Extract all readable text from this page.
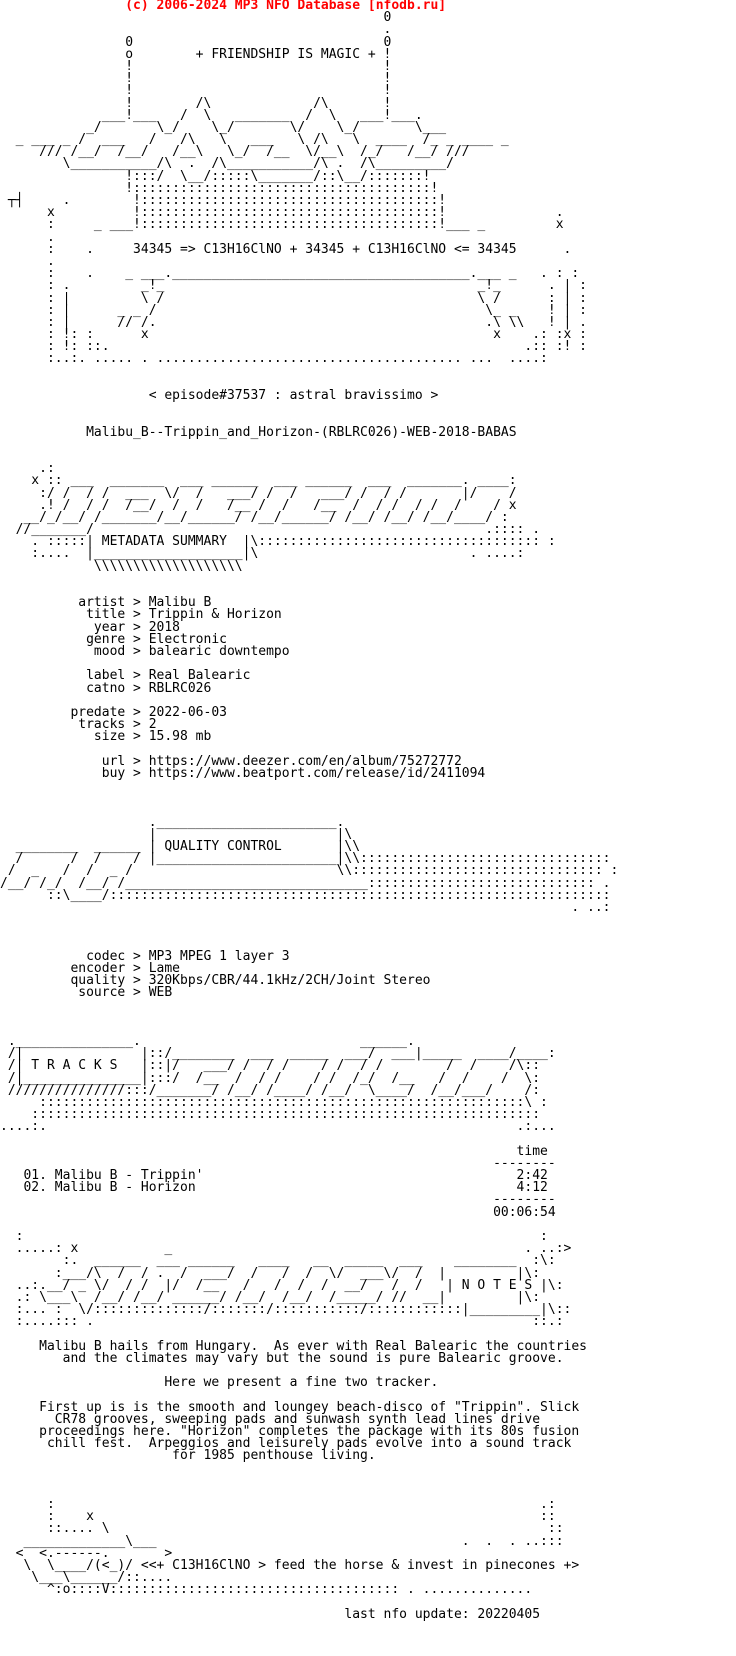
(c) 2006-2024 MP3 NFO Database [nfodb.ru]
0
.
0                                0
o        + FRIENDSHIP IS MAGIC + !
!                                !
!                                !
!                                !
!        /\             /\       !
___!___   /  \   _______  /  \   ___!___.
_/       \_/    \_/       \/    \_/       \___
_ ___ _ /  ___   /   /\   \   ___   \ /\   \  ____  /_ _ ____ _
/// /__/  /__/   /__\   \_/  /__  \/__\  /_/   /__/ ///
\___________/\  .  /\___________/\ .  /\_________/
!:::/  \__/:::::\_______/::\__/:::::::!
!::::::::::::::::::::::::::::::::::::::!
┬┤     .        !::::::::::::::::::::::::::::::::::::::!
x          !::::::::::::::::::::::::::::::::::::::!              .
:     _ ___!::::::::::::::::::::::::::::::::::::::!___ _         x
.
:    .     34345 => C13H16ClNO + 34345 + C13H16ClNO <= 34345      .
.
:    .    _ ___.______________________________________.___ _   . : :
: .         _!_                                        _!_      . | :
: |         \ /                                        \ /      : | :
: |      _ _ /                                          \_ _    ! | :
: |      // /.                                          .\ \\   ! | .
: !: :      x                                            x    .: :x :
: !: ::.                                                     .:: :! :
:..:. ..... . ....................................... ...  ....:
< episode#37537 : astral bravissimo >
Malibu_B--Trippin_and_Horizon-(RBLRC026)-WEB-2018-BABAS
.:
x :: ___  _______  ___ ______  ___ ______  ___  _______. ____:
:/ /  / /  ___  \/  /   ___/ /  /   ___/ /  / /       |/    /
.! /  / /  /__/  /  /   /__ /  /   /__  /  / /  / /  /    / x
__/_/__/ /_______/__/______/ /__/______/ /__/ /__/ /__/____/ :
//_______/                                                  .:::: .
. :::::| METADATA SUMMARY  |\:::::::::::::::::::::::::::::::::::: :
:....  |___________________|\                           . ....:
\\\\\\\\\\\\\\\\\\\
artist > Malibu B
title > Trippin & Horizon
year > 2018
genre > Electronic
mood > balearic downtempo
label > Real Balearic
catno > RBLRC026
predate > 2022-06-03
tracks > 2
size > 15.98 mb
url > https://www.deezer.com/en/album/75272772
buy > https://www.beatport.com/release/id/2411094
._______________________.
|                       |\
________  ______ | QUALITY CONTROL       |\\
/      /  /    / |_______________________|\\::::::::::::::::::::::::::::::::
/  _   /  /  _ /                          \\:::::::::::::::::::::::::::::::: :
/__/ /_/  /__/ /_______________________________::::::::::::::::::::::::::::: .
::\____/::::::::::::::::::::::::::::::::::::::::::::::::::::::::::::::::
. ..:
codec > MP3 MPEG 1 layer 3
encoder > Lame
quality > 320Kbps/CBR/44.1kHz/2CH/Joint Stereo
source > WEB
._______________.                            ______.
/|               |::/________  ___  _____  ___/  ___|_____  ____/____:
/| T R A C K S   |::|/   ___/ /  / /    / /  / /        /  /    /\::
/|_______________|:::/  /__  /  / /    / /  /_/  /__   /  /    /  \:
///////////////:::/_______/ /__/ /____/ /__/  \____/  /__/___/    /:
::::::::::::::::::::::::::::::::::::::::::::::::::::::::::::::\ :
:::::::::::::::::::::::::::::::::::::::::::::::::::::::::::::::::
....:.                                                            .:...
time
--------
01. Malibu B - Trippin'                                        2:42
02. Malibu B - Horizon                                         4:12
--------
00:06:54
:                                                                  :
.....: x           _                                             . ..:>
:.  ______  ___ ______   ____   __  _____  ___    ________  :\:
:___/\  /  / .  /  ___/  /   /  /  \/  ___\/  /  |         |\:
..:.__/ _ \/  / /  |/  /__   /   /  /  /  __/   /  /   | N O T E S |\:
.: \___\  /__/ /__/ ______/ /__/  /__/  /_____/ //  __|         |\:
:... :  \/::::::::::::::/:::::::/:::::::::::/::::::::::::|_________|\::
:....::: .                                                        ::.:
Malibu B hails from Hungary.  As ever with Real Balearic the countries
and the climates may vary but the sound is pure Balearic groove.
Here we present a fine two tracker.
First up is is the smooth and loungey beach-disco of "Trippin". Slick
CR78 grooves, sweeping pads and sunwash synth lead lines drive
proceedings here. "Horizon" completes the package with its 80s fusion
chill fest.  Arpeggios and leisurely pads evolve into a sound track
for 1985 penthouse living.
:                                                              .:
:    x                                                         ::
::.... \                                                        ::
_____________\___                                       .  .  . ..:::
<  <.------.       >
\  \____/(<_)/ <<+ C13H16ClNO > feed the horse & invest in pinecones +>
\___\______/::....
^:o::::V::::::::::::::::::::::::::::::::::::: . ..............
last nfo update: 20220405
